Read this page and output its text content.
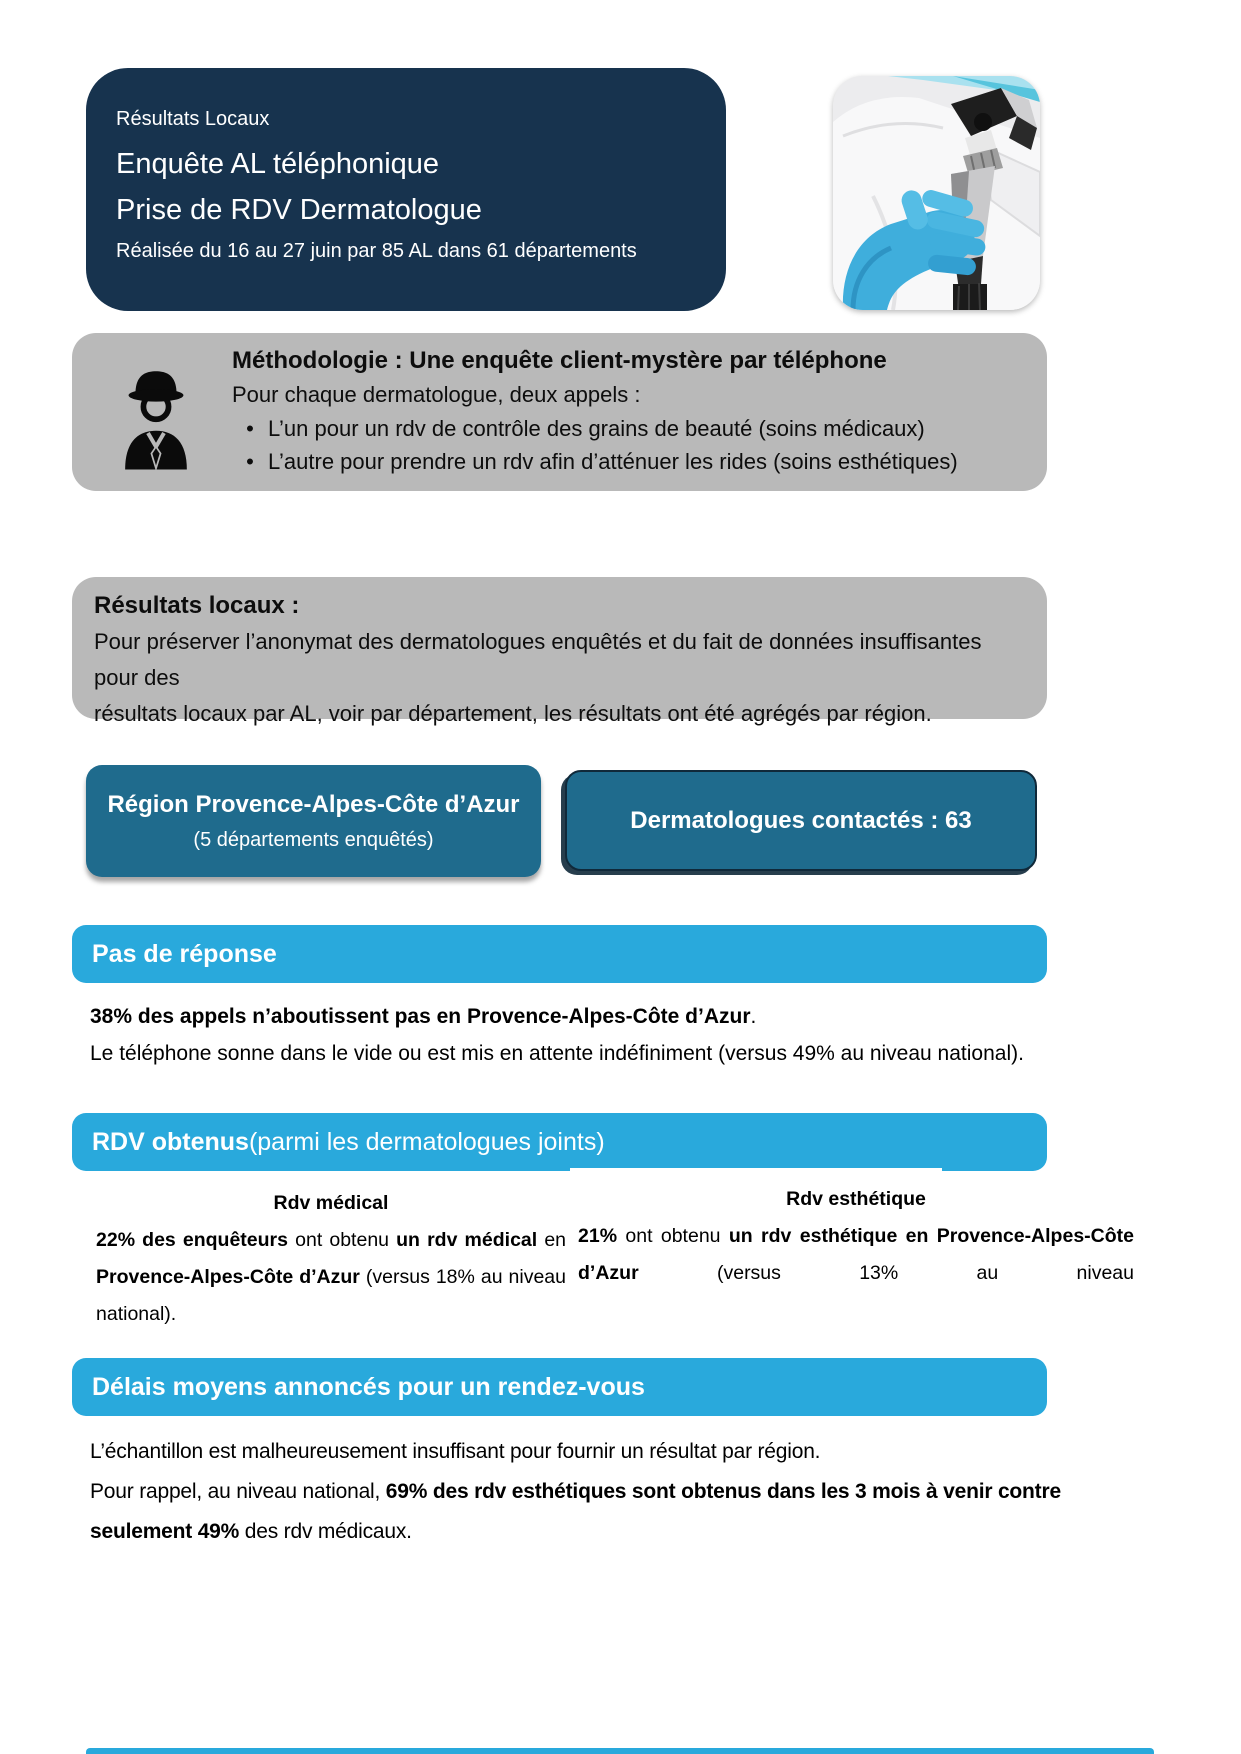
Résultats Locaux
Enquête AL téléphonique
Prise de RDV Dermatologue
Réalisée du 16 au 27 juin par 85 AL dans 61 départements
Méthodologie : Une enquête client-mystère par téléphone
Pour chaque dermatologue, deux appels :
• L’un pour un rdv de contrôle des grains de beauté (soins médicaux)
• L’autre pour prendre un rdv afin d’atténuer les rides (soins esthétiques)
Résultats locaux :
Pour préserver l’anonymat des dermatologues enquêtés et du fait de données insuffisantes pour des
résultats locaux par AL, voir par département, les résultats ont été agrégés par région.
Région Provence-Alpes-Côte d’Azur
(5 départements enquêtés)
Dermatologues contactés : 63
Pas de réponse
38% des appels n’aboutissent pas en Provence-Alpes-Côte d’Azur.
Le téléphone sonne dans le vide ou est mis en attente indéfiniment (versus 49% au niveau national).
RDV obtenus (parmi les dermatologues joints)
Rdv médical
22% des enquêteurs ont obtenu un rdv médical en Provence-Alpes-Côte d’Azur (versus 18% au niveau national).
Rdv esthétique
21% ont obtenu un rdv esthétique en Provence-Alpes-Côte d’Azur (versus 13% au niveau
Délais moyens annoncés pour un rendez-vous
L’échantillon est malheureusement insuffisant pour fournir un résultat par région.
Pour rappel, au niveau national, 69% des rdv esthétiques sont obtenus dans les 3 mois à venir contre seulement 49% des rdv médicaux.
